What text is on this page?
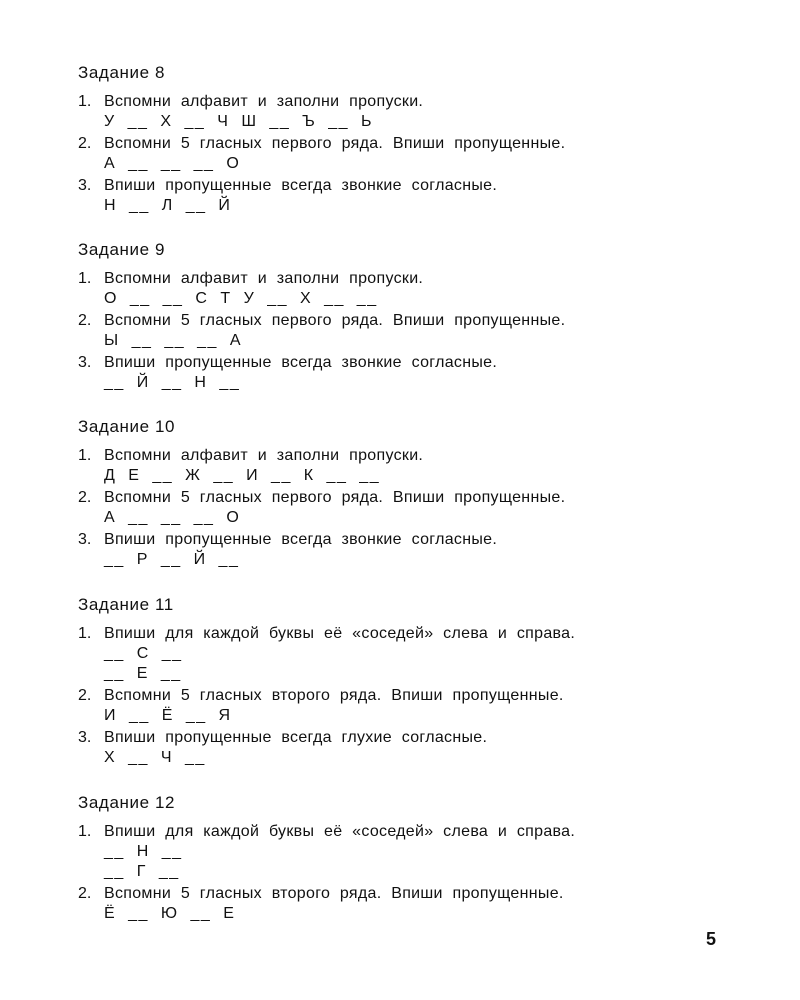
Задание 8
1. Вспомни алфавит и заполни пропуски.
У __ Х __ Ч Ш __ Ъ __ Ь
2. Вспомни 5 гласных первого ряда. Впиши пропущенные.
А __ __ __ О
3. Впиши пропущенные всегда звонкие согласные.
Н __ Л __ Й
Задание 9
1. Вспомни алфавит и заполни пропуски.
О __ __ С Т У __ Х __ __
2. Вспомни 5 гласных первого ряда. Впиши пропущенные.
Ы __ __ __ А
3. Впиши пропущенные всегда звонкие согласные.
__ Й __ Н __
Задание 10
1. Вспомни алфавит и заполни пропуски.
Д Е __ Ж __ И __ К __ __
2. Вспомни 5 гласных первого ряда. Впиши пропущенные.
А __ __ __ О
3. Впиши пропущенные всегда звонкие согласные.
__ Р __ Й __
Задание 11
1. Впиши для каждой буквы её «соседей» слева и справа.
__ С __
__ Е __
2. Вспомни 5 гласных второго ряда. Впиши пропущенные.
И __ Ё __ Я
3. Впиши пропущенные всегда глухие согласные.
Х __ Ч __
Задание 12
1. Впиши для каждой буквы её «соседей» слева и справа.
__ Н __
__ Г __
2. Вспомни 5 гласных второго ряда. Впиши пропущенные.
Ё __ Ю __ Е
5
